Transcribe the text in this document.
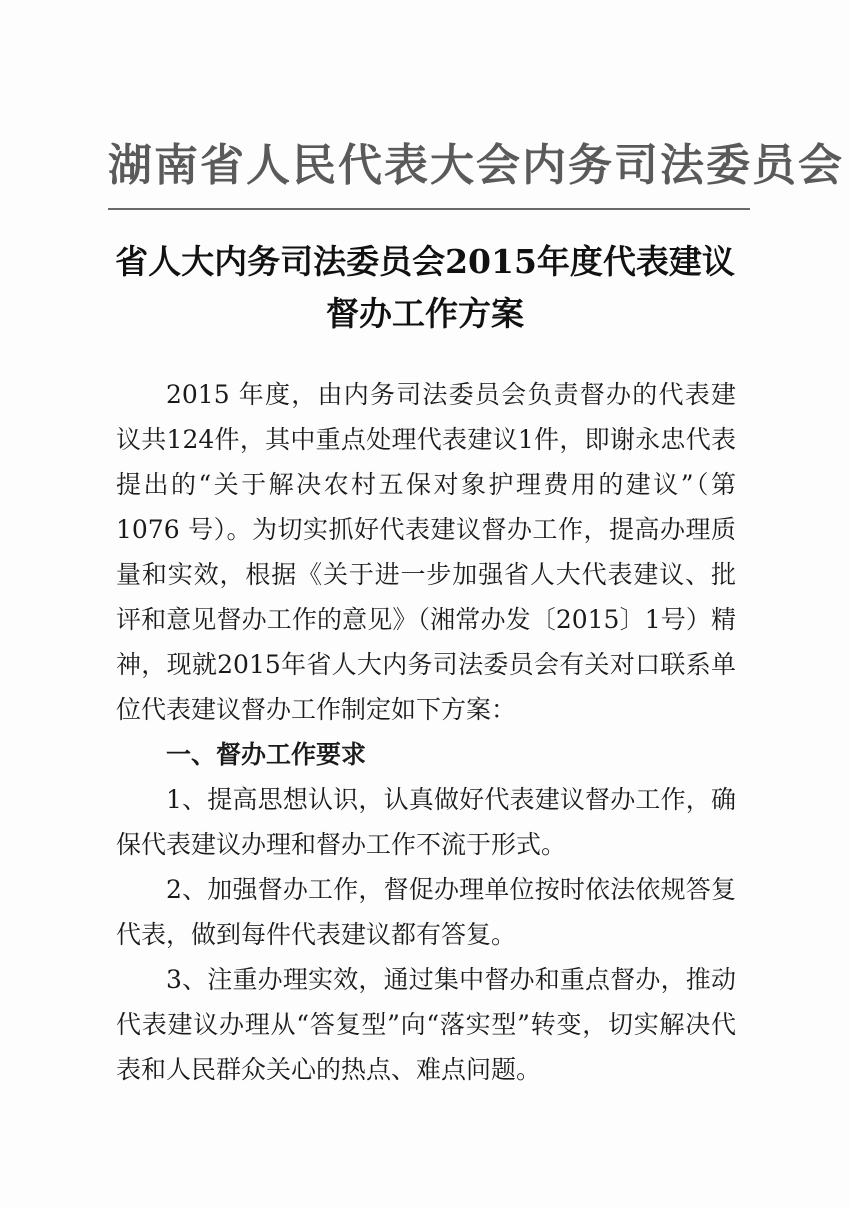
湖南省人民代表大会内务司法委员会
省人大内务司法委员会2015年度代表建议
督办工作方案

2015 年度，由内务司法委员会负责督办的代表建议共124件，其中重点处理代表建议1件，即谢永忠代表提出的“关于解决农村五保对象护理费用的建议”（第 1076 号）。为切实抓好代表建议督办工作，提高办理质量和实效，根据《关于进一步加强省人大代表建议、批评和意见督办工作的意见》（湘常办发〔2015〕1号）精神，现就2015年省人大内务司法委员会有关对口联系单位代表建议督办工作制定如下方案：

一、督办工作要求

1、提高思想认识，认真做好代表建议督办工作，确保代表建议办理和督办工作不流于形式。

2、加强督办工作，督促办理单位按时依法依规答复代表，做到每件代表建议都有答复。

3、注重办理实效，通过集中督办和重点督办，推动代表建议办理从“答复型”向“落实型”转变，切实解决代表和人民群众关心的热点、难点问题。
